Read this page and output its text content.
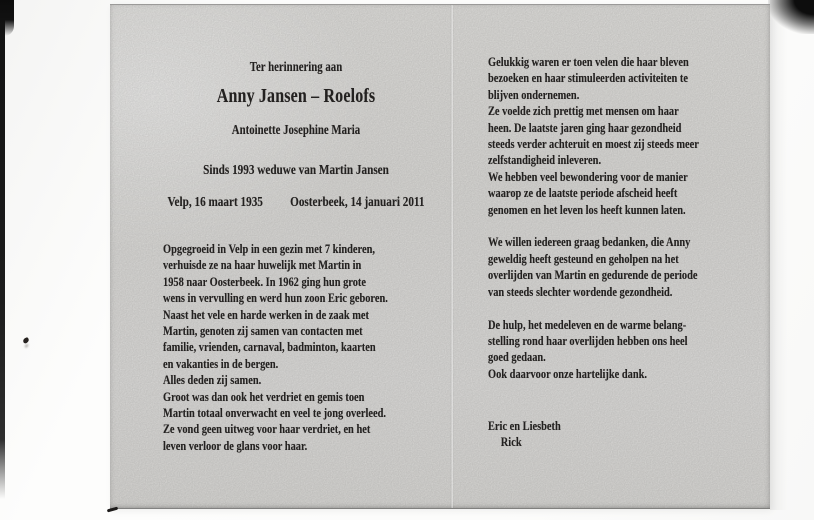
Ter herinnering aan
Anny Jansen – Roelofs
Antoinette Josephine Maria
Sinds 1993 weduwe van Martin Jansen
Velp, 16 maart 1935 Oosterbeek, 14 januari 2011
Opgegroeid in Velp in een gezin met 7 kinderen,
verhuisde ze na haar huwelijk met Martin in
1958 naar Oosterbeek. In 1962 ging hun grote
wens in vervulling en werd hun zoon Eric geboren.
Naast het vele en harde werken in de zaak met
Martin, genoten zij samen van contacten met
familie, vrienden, carnaval, badminton, kaarten
en vakanties in de bergen.
Alles deden zij samen.
Groot was dan ook het verdriet en gemis toen
Martin totaal onverwacht en veel te jong overleed.
Ze vond geen uitweg voor haar verdriet, en het
leven verloor de glans voor haar.
Gelukkig waren er toen velen die haar bleven
bezoeken en haar stimuleerden activiteiten te
blijven ondernemen.
Ze voelde zich prettig met mensen om haar
heen. De laatste jaren ging haar gezondheid
steeds verder achteruit en moest zij steeds meer
zelfstandigheid inleveren.
We hebben veel bewondering voor de manier
waarop ze de laatste periode afscheid heeft
genomen en het leven los heeft kunnen laten.

We willen iedereen graag bedanken, die Anny
geweldig heeft gesteund en geholpen na het
overlijden van Martin en gedurende de periode
van steeds slechter wordende gezondheid.

De hulp, het medeleven en de warme belang-
stelling rond haar overlijden hebben ons heel
goed gedaan.
Ook daarvoor onze hartelijke dank.
Eric en Liesbeth
Rick
